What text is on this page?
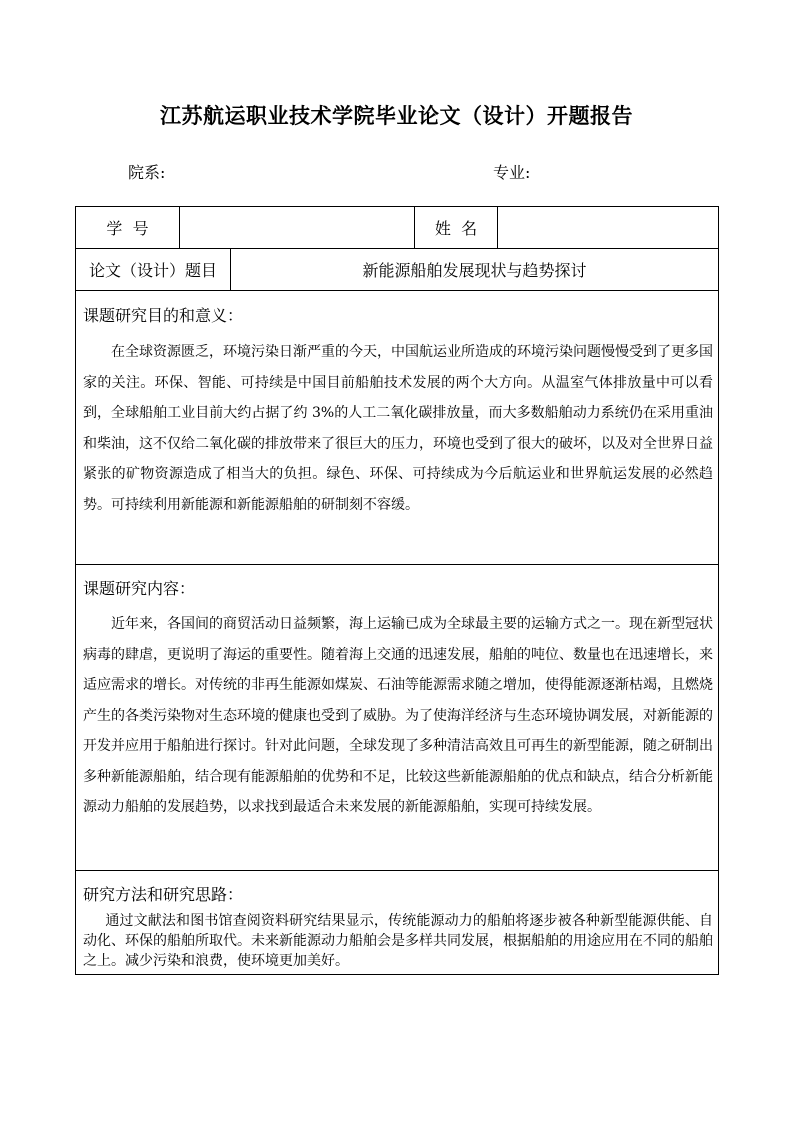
江苏航运职业技术学院毕业论文（设计）开题报告
院系:	专业:
学  号	姓  名
论文（设计）题目	新能源船舶发展现状与趋势探讨
课题研究目的和意义：

在全球资源匮乏，环境污染日渐严重的今天，中国航运业所造成的环境污染问题慢慢受到了更多国家的关注。环保、智能、可持续是中国目前船舶技术发展的两个大方向。从温室气体排放量中可以看到，全球船舶工业目前大约占据了约 3%的人工二氧化碳排放量，而大多数船舶动力系统仍在采用重油和柴油，这不仅给二氧化碳的排放带来了很巨大的压力，环境也受到了很大的破坏，以及对全世界日益紧张的矿物资源造成了相当大的负担。绿色、环保、可持续成为今后航运业和世界航运发展的必然趋势。可持续利用新能源和新能源船舶的研制刻不容缓。

课题研究内容：

近年来，各国间的商贸活动日益频繁，海上运输已成为全球最主要的运输方式之一。现在新型冠状病毒的肆虐，更说明了海运的重要性。随着海上交通的迅速发展，船舶的吨位、数量也在迅速增长，来适应需求的增长。对传统的非再生能源如煤炭、石油等能源需求随之增加，使得能源逐渐枯竭，且燃烧产生的各类污染物对生态环境的健康也受到了威胁。为了使海洋经济与生态环境协调发展，对新能源的开发并应用于船舶进行探讨。针对此问题，全球发现了多种清洁高效且可再生的新型能源，随之研制出多种新能源船舶，结合现有能源船舶的优势和不足，比较这些新能源船舶的优点和缺点，结合分析新能源动力船舶的发展趋势，以求找到最适合未来发展的新能源船舶，实现可持续发展。

研究方法和研究思路：

通过文献法和图书馆查阅资料研究结果显示，传统能源动力的船舶将逐步被各种新型能源供能、自动化、环保的船舶所取代。未来新能源动力船舶会是多样共同发展，根据船舶的用途应用在不同的船舶之上。减少污染和浪费，使环境更加美好。
